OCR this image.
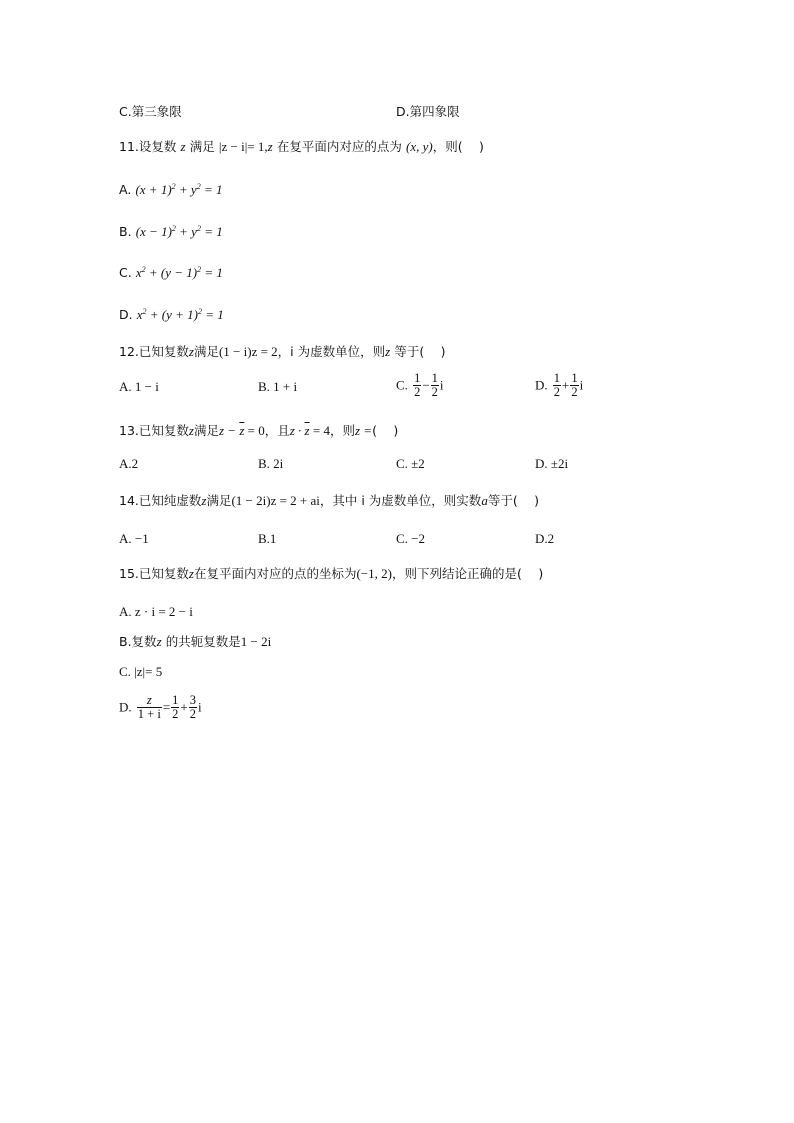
C.第三象限	D.第四象限
11.设复数 z 满足 |z − i|= 1,z 在复平面内对应的点为 (x, y)，则(　 )
A. $(x + 1)^2 + y^2 = 1$
B. $(x - 1)^2 + y^2 = 1$
C. $x^2 + (y - 1)^2 = 1$
D. $x^2 + (y + 1)^2 = 1$
12.已知复数z满足(1 − i)z = 2，i 为虚数单位，则z 等于(　 )
A. 1 − i	B. 1 + i	C. $\frac{1}{2} - \frac{1}{2}$ i	D. $\frac{1}{2} + \frac{1}{2}$ i
13.已知复数z满足$z - \overline{z} = 0$，且$z \cdot \overline{z} = 4$，则z =(　 )
A.2	B. 2i	C. ±2	D. ±2i
14.已知纯虚数z满足(1 − 2i)z = 2 + ai，其中 i 为虚数单位，则实数a等于(　 )
A. −1	B.1	C. −2	D.2
15.已知复数z在复平面内对应的点的坐标为(−1, 2)，则下列结论正确的是(　 )
A. z · i = 2 − i
B.复数z 的共轭复数是1 − 2i
C. |z|= 5
D. $\frac{z}{1 + i} = \frac{1}{2} + \frac{3}{2}$ i
